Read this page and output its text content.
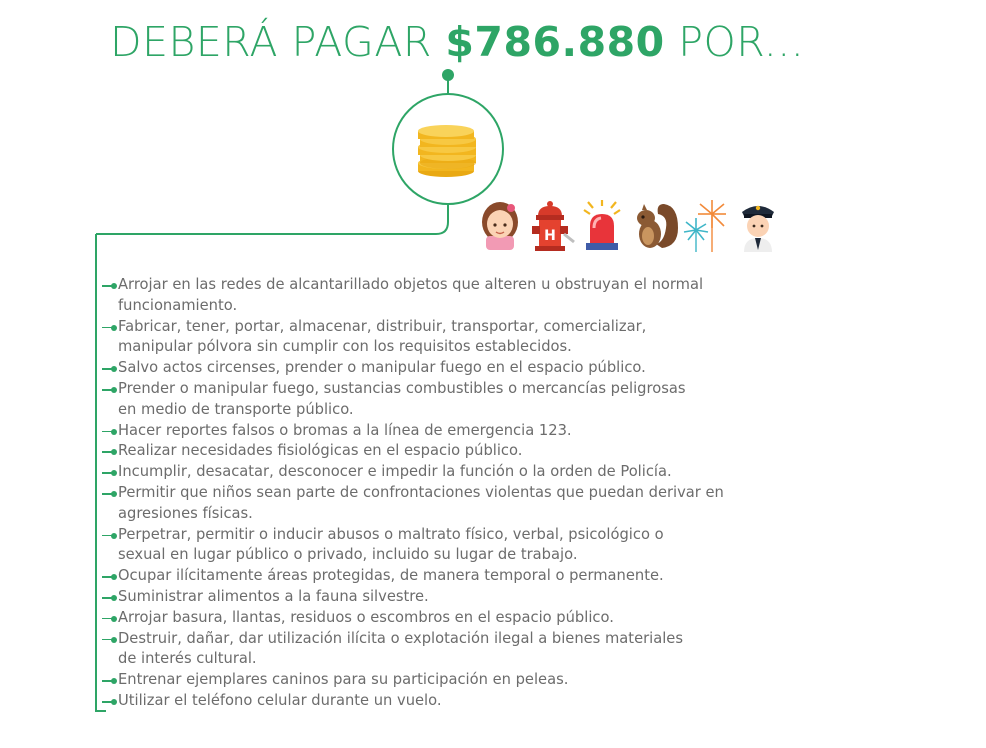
DEBERÁ PAGAR $786.880 POR...
H
Arrojar en las redes de alcantarillado objetos que alteren u obstruyan el normal
funcionamiento.
Fabricar, tener, portar, almacenar, distribuir, transportar, comercializar,
manipular pólvora sin cumplir con los requisitos establecidos.
Salvo actos circenses, prender o manipular fuego en el espacio público.
Prender o manipular fuego, sustancias combustibles o mercancías peligrosas
en medio de transporte público.
Hacer reportes falsos o bromas a la línea de emergencia 123.
Realizar necesidades fisiológicas en el espacio público.
Incumplir, desacatar, desconocer e impedir la función o la orden de Policía.
Permitir que niños sean parte de confrontaciones violentas que puedan derivar en
agresiones físicas.
Perpetrar, permitir o inducir abusos o maltrato físico, verbal, psicológico o
sexual en lugar público o privado, incluido su lugar de trabajo.
Ocupar ilícitamente áreas protegidas, de manera temporal o permanente.
Suministrar alimentos a la fauna silvestre.
Arrojar basura, llantas, residuos o escombros en el espacio público.
Destruir, dañar, dar utilización ilícita o explotación ilegal a bienes materiales
de interés cultural.
Entrenar ejemplares caninos para su participación en peleas.
Utilizar el teléfono celular durante un vuelo.
